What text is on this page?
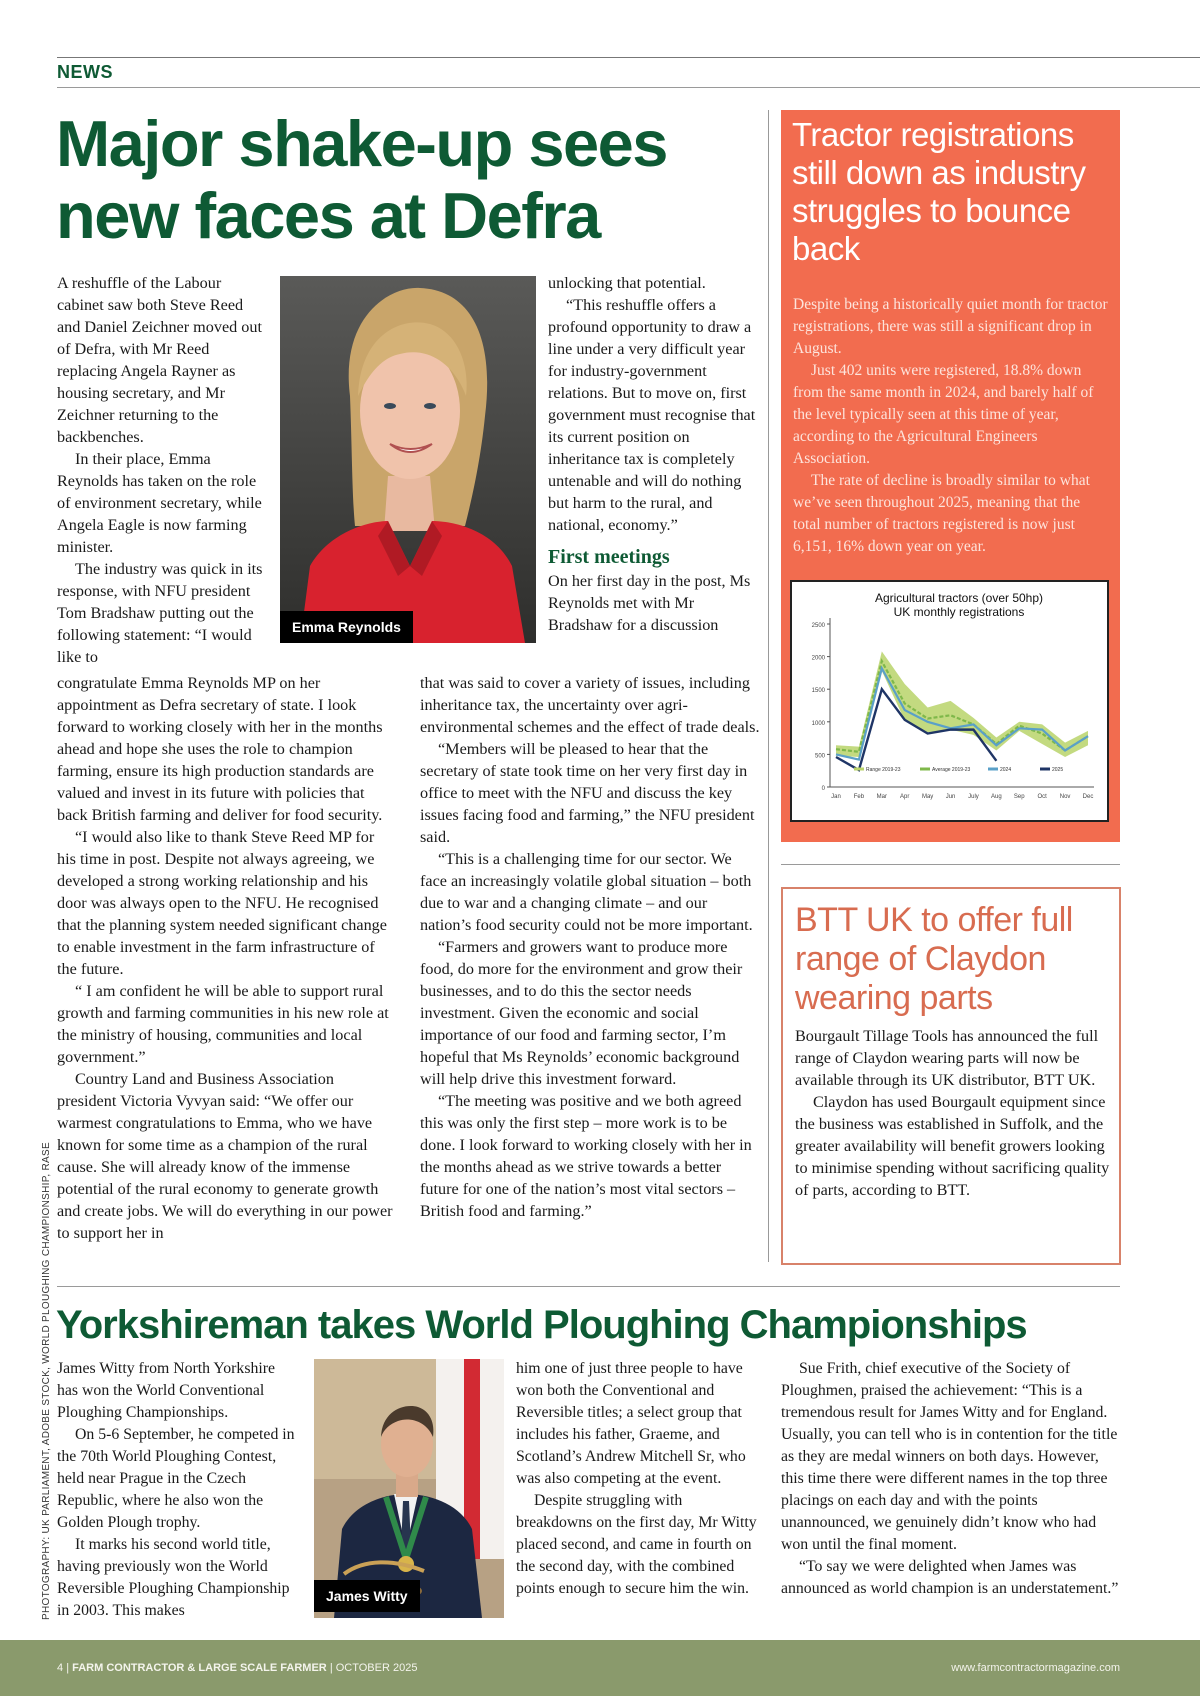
NEWS
Major shake-up sees new faces at Defra
Emma Reynolds

A reshuffle of the Labour cabinet saw both Steve Reed and Daniel Zeichner moved out of Defra, with Mr Reed replacing Angela Rayner as housing secretary, and Mr Zeichner returning to the backbenches.

In their place, Emma Reynolds has taken on the role of environment secretary, while Angela Eagle is now farming minister.

The industry was quick in its response, with NFU president Tom Bradshaw putting out the following statement: “I would like to

congratulate Emma Reynolds MP on her appointment as Defra secretary of state. I look forward to working closely with her in the months ahead and hope she uses the role to champion farming, ensure its high production standards are valued and invest in its future with policies that back British farming and deliver for food security.

“I would also like to thank Steve Reed MP for his time in post. Despite not always agreeing, we developed a strong working relationship and his door was always open to the NFU. He recognised that the planning system needed significant change to enable investment in the farm infrastructure of the future.

“ I am confident he will be able to support rural growth and farming communities in his new role at the ministry of housing, communities and local government.”

Country Land and Business Association president Victoria Vyvyan said: “We offer our warmest congratulations to Emma, who we have known for some time as a champion of the rural cause. She will already know of the immense potential of the rural economy to generate growth and create jobs. We will do everything in our power to support her in

unlocking that potential.

“This reshuffle offers a profound opportunity to draw a line under a very difficult year for industry-government relations. But to move on, first government must recognise that its current position on inheritance tax is completely untenable and will do nothing but harm to the rural, and national, economy.”

First meetings

On her first day in the post, Ms Reynolds met with Mr Bradshaw for a discussion

that was said to cover a variety of issues, including inheritance tax, the uncertainty over agri-environmental schemes and the effect of trade deals.

“Members will be pleased to hear that the secretary of state took time on her very first day in office to meet with the NFU and discuss the key issues facing food and farming,” the NFU president said.

“This is a challenging time for our sector. We face an increasingly volatile global situation – both due to war and a changing climate – and our nation’s food security could not be more important.

“Farmers and growers want to produce more food, do more for the environment and grow their businesses, and to do this the sector needs investment. Given the economic and social importance of our food and farming sector, I’m hopeful that Ms Reynolds’ economic background will help drive this investment forward.

“The meeting was positive and we both agreed this was only the first step – more work is to be done. I look forward to working closely with her in the months ahead as we strive towards a better future for one of the nation’s most vital sectors – British food and farming.”

Tractor registrations still down as industry struggles to bounce back

Despite being a historically quiet month for tractor registrations, there was still a significant drop in August.

Just 402 units were registered, 18.8% down from the same month in 2024, and barely half of the level typically seen at this time of year, according to the Agricultural Engineers Association.

The rate of decline is broadly similar to what we’ve seen throughout 2025, meaning that the total number of tractors registered is now just 6,151, 16% down year on year.

Agricultural tractors (over 50hp)
UK monthly registrations
0
500
1000
1500
2000
2500
Jan Feb Mar Apr May Jun July Aug Sep Oct Nov Dec
Range 2019-23	Average 2019-23	2024	2025
BTT UK to offer full range of Claydon wearing parts

Bourgault Tillage Tools has announced the full range of Claydon wearing parts will now be available through its UK distributor, BTT UK.

Claydon has used Bourgault equipment since the business was established in Suffolk, and the greater availability will benefit growers looking to minimise spending without sacrificing quality of parts, according to BTT.

Yorkshireman takes World Ploughing Championships

James Witty from North Yorkshire has won the World Conventional Ploughing Championships.

On 5-6 September, he competed in the 70th World Ploughing Contest, held near Prague in the Czech Republic, where he also won the Golden Plough trophy.

It marks his second world title, having previously won the World Reversible Ploughing Championship in 2003. This makes

James Witty

him one of just three people to have won both the Conventional and Reversible titles; a select group that includes his father, Graeme, and Scotland’s Andrew Mitchell Sr, who was also competing at the event.

Despite struggling with breakdowns on the first day, Mr Witty placed second, and came in fourth on the second day, with the combined points enough to secure him the win.

Sue Frith, chief executive of the Society of Ploughmen, praised the achievement: “This is a tremendous result for James Witty and for England. Usually, you can tell who is in contention for the title as they are medal winners on both days. However, this time there were different names in the top three placings on each day and with the points unannounced, we genuinely didn’t know who had won until the final moment.

“To say we were delighted when James was announced as world champion is an understatement.”

PHOTOGRAPHY: UK PARLIAMENT, ADOBE STOCK, WORLD PLOUGHING CHAMPIONSHIP, RASE
4 | FARM CONTRACTOR & LARGE SCALE FARMER | OCTOBER 2025	www.farmcontractormagazine.com
